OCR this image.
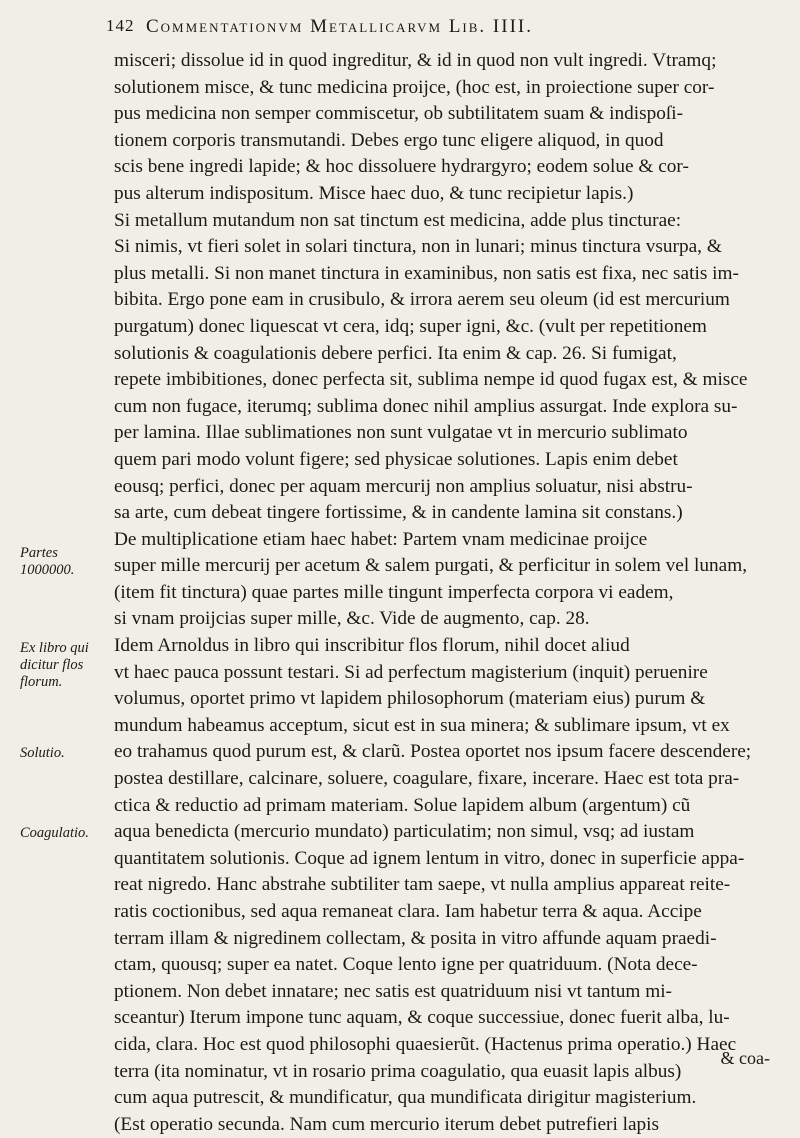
142 Commentationvm Metallicarvm Lib. IIII.
Partes 1000000.
Ex libro qui dicitur flos florum.
Solutio.
Coagulatio.
misceri; dissolue id in quod ingreditur, & id in quod non vult ingredi. Vtramq;
solutionem misce, & tunc medicina proijce, (hoc est, in proiectione super cor-
pus medicina non semper commiscetur, ob subtilitatem suam & indispoſi-
tionem corporis transmutandi. Debes ergo tunc eligere aliquod, in quod
scis bene ingredi lapide; & hoc dissoluere hydrargyro; eodem solue & cor-
pus alterum indispositum. Misce haec duo, & tunc recipietur lapis.)
Si metallum mutandum non sat tinctum est medicina, adde plus tincturae:
Si nimis, vt fieri solet in solari tinctura, non in lunari; minus tinctura vsurpa, &
plus metalli. Si non manet tinctura in examinibus, non satis est fixa, nec satis im-
bibita. Ergo pone eam in crusibulo, & irrora aerem seu oleum (id est mercurium
purgatum) donec liquescat vt cera, idq; super igni, &c. (vult per repetitionem
solutionis & coagulationis debere perfici. Ita enim & cap. 26. Si fumigat,
repete imbibitiones, donec perfecta sit, sublima nempe id quod fugax est, & misce
cum non fugace, iterumq; sublima donec nihil amplius assurgat. Inde explora su-
per lamina. Illae sublimationes non sunt vulgatae vt in mercurio sublimato
quem pari modo volunt figere; sed physicae solutiones. Lapis enim debet
eousq; perfici, donec per aquam mercurij non amplius soluatur, nisi abstru-
sa arte, cum debeat tingere fortissime, & in candente lamina sit constans.)
De multiplicatione etiam haec habet: Partem vnam medicinae proijce
super mille mercurij per acetum & salem purgati, & perficitur in solem vel lunam,
(item fit tinctura) quae partes mille tingunt imperfecta corpora vi eadem,
si vnam proijcias super mille, &c. Vide de augmento, cap. 28.
Idem Arnoldus in libro qui inscribitur flos florum, nihil docet aliud
vt haec pauca possunt testari. Si ad perfectum magisterium (inquit) peruenire
volumus, oportet primo vt lapidem philosophorum (materiam eius) purum &
mundum habeamus acceptum, sicut est in sua minera; & sublimare ipsum, vt ex
eo trahamus quod purum est, & clarũ. Postea oportet nos ipsum facere descendere;
postea destillare, calcinare, soluere, coagulare, fixare, incerare. Haec est tota pra-
ctica & reductio ad primam materiam. Solue lapidem album (argentum) cũ
aqua benedicta (mercurio mundato) particulatim; non simul, vsq; ad iustam
quantitatem solutionis. Coque ad ignem lentum in vitro, donec in superficie appa-
reat nigredo. Hanc abstrahe subtiliter tam saepe, vt nulla amplius appareat reite-
ratis coctionibus, sed aqua remaneat clara. Iam habetur terra & aqua. Accipe
terram illam & nigredinem collectam, & posita in vitro affunde aquam praedi-
ctam, quousq; super ea natet. Coque lento igne per quatriduum. (Nota dece-
ptionem. Non debet innatare; nec satis est quatriduum nisi vt tantum mi-
sceantur) Iterum impone tunc aquam, & coque successiue, donec fuerit alba, lu-
cida, clara. Hoc est quod philosophi quaesierũt. (Hactenus prima operatio.) Haec
terra (ita nominatur, vt in rosario prima coagulatio, qua euasit lapis albus)
cum aqua putrescit, & mundificatur, qua mundificata dirigitur magisterium.
(Est operatio secunda. Nam cum mercurio iterum debet putrefieri lapis
& coa-
